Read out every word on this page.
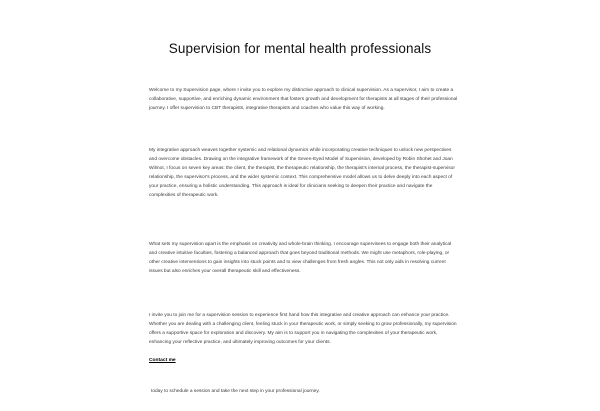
Supervision for mental health professionals

Welcome to my Supervision page, where I invite you to explore my distinctive approach to clinical supervision. As a supervisor, I aim to create a collaborative, supportive, and enriching dynamic environment that fosters growth and development for therapists at all stages of their professional journey. I offer supervision to CBT therapists, integrative therapists and coaches who value this way of working.

My integrative approach weaves together systemic and relational dynamics while incorporating creative techniques to unlock new perspectives and overcome obstacles. Drawing on the integrative framework of the Seven-Eyed Model of Supervision, developed by Robin Shohet and Joan Wilmot, I focus on seven key areas: the client, the therapist, the therapeutic relationship, the therapist's internal process, the therapist-supervisor relationship, the supervisor's process, and the wider systemic context. This comprehensive model allows us to delve deeply into each aspect of your practice, ensuring a holistic understanding. This approach is ideal for clinicians seeking to deepen their practice and navigate the complexities of therapeutic work.

What sets my supervision apart is the emphasis on creativity and whole-brain thinking. I encourage supervisees to engage both their analytical and creative intuitive faculties, fostering a balanced approach that goes beyond traditional methods. We might use metaphors, role-playing, or other creative interventions to gain insights into stuck points and to view challenges from fresh angles. This not only aids in resolving current issues but also enriches your overall therapeutic skill and effectiveness.

I invite you to join me for a supervision session to experience first hand how this integrative and creative approach can enhance your practice. Whether you are dealing with a challenging client, feeling stuck in your therapeutic work, or simply seeking to grow professionally, my supervision offers a supportive space for exploration and discovery. My aim is to support you in navigating the complexities of your therapeutic work, enhancing your reflective practice, and ultimately improving outcomes for your clients.

Contact me

today to schedule a session and take the next step in your professional journey.
